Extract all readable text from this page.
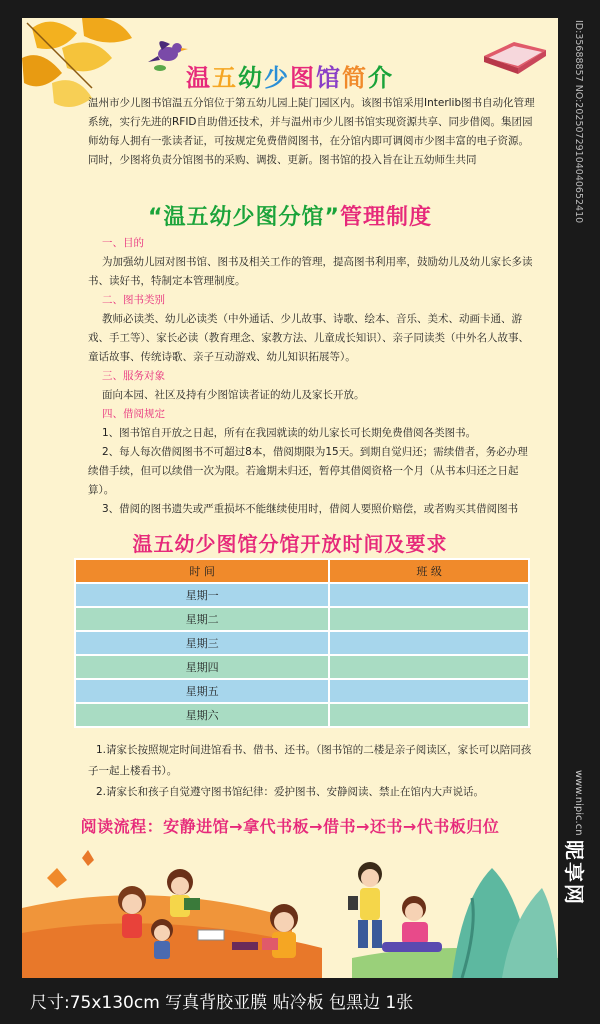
温五幼少图馆简介
温州市少儿图书馆温五分馆位于第五幼儿园上陡门园区内。该图书馆采用Interlib图书自动化管理系统，实行先进的RFID自助借还技术，并与温州市少儿图书馆实现资源共享、同步借阅。集团园师幼每人拥有一张读者证，可按规定免费借阅图书，在分馆内即可调阅市少图丰富的电子资源。同时，少图将负责分馆图书的采购、调拨、更新。图书馆的投入旨在让五幼师生共同
“温五幼少图分馆”管理制度
一、目的
为加强幼儿园对图书馆、图书及相关工作的管理，提高图书利用率，鼓励幼儿及幼儿家长多读书、读好书，特制定本管理制度。
二、图书类别
教师必读类、幼儿必读类（中外通话、少儿故事、诗歌、绘本、音乐、美术、动画卡通、游戏、手工等）、家长必读（教育理念、家教方法、儿童成长知识）、亲子同读类（中外名人故事、童话故事、传统诗歌、亲子互动游戏、幼儿知识拓展等）。
三、服务对象
面向本园、社区及持有少图馆读者证的幼儿及家长开放。
四、借阅规定
1、图书馆自开放之日起，所有在我园就读的幼儿家长可长期免费借阅各类图书。
2、每人每次借阅图书不可超过8本，借阅期限为15天。到期自觉归还；需续借者，务必办理续借手续，但可以续借一次为限。若逾期未归还，暂停其借阅资格一个月（从书本归还之日起算）。
3、借阅的图书遗失或严重损坏不能继续使用时，借阅人要照价赔偿，或者购买其借阅图书
温五幼少图馆分馆开放时间及要求
时 间	班 级
星期一	
星期二	
星期三	
星期四	
星期五	
星期六	

1.请家长按照规定时间进馆看书、借书、还书。（图书馆的二楼是亲子阅读区，家长可以陪同孩子一起上楼看书）。

2.请家长和孩子自觉遵守图书馆纪律：爱护图书、安静阅读、禁止在馆内大声说话。

阅读流程：安静进馆→拿代书板→借书→还书→代书板归位
尺寸:75x130cm 写真背胶亚膜 贴冷板 包黑边 1张
ID:35688857 NO:20250729104040652410
www.nipic.cn
昵享网
